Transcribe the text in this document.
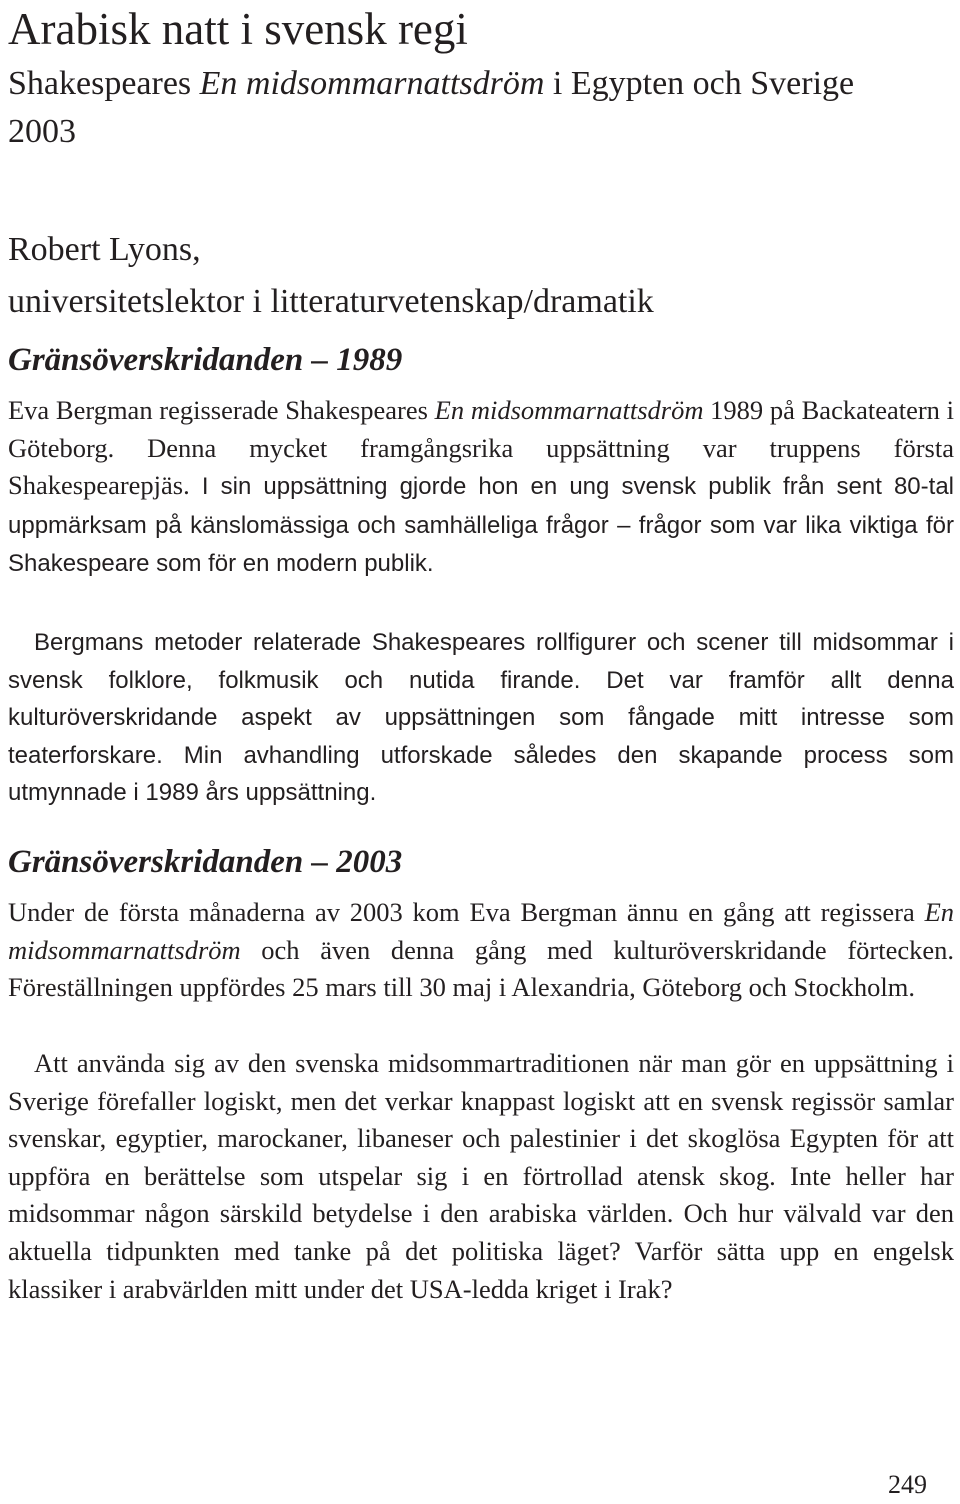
Arabisk natt i svensk regi

Shakespeares En midsommarnattsdröm i Egypten och Sverige 2003

Robert Lyons,
universitetslektor i litteraturvetenskap/dramatik

Gränsöverskridanden – 1989

Eva Bergman regisserade Shakespeares En midsommarnattsdröm 1989 på Backateatern i Göteborg. Denna mycket framgångsrika uppsättning var truppens första Shakespearepjäs. I sin uppsättning gjorde hon en ung svensk publik från sent 80-tal uppmärksam på känslomässiga och samhälleliga frågor – frågor som var lika viktiga för Shakespeare som för en modern publik.

Bergmans metoder relaterade Shakespeares rollfigurer och scener till midsommar i svensk folklore, folkmusik och nutida firande. Det var framför allt denna kulturöverskridande aspekt av uppsättningen som fångade mitt intresse som teaterforskare. Min avhandling utforskade således den skapande process som utmynnade i 1989 års uppsättning.

Gränsöverskridanden – 2003

Under de första månaderna av 2003 kom Eva Bergman ännu en gång att regissera En midsommarnattsdröm och även denna gång med kulturöverskridande förtecken. Föreställningen uppfördes 25 mars till 30 maj i Alexandria, Göteborg och Stockholm.

Att använda sig av den svenska midsommartraditionen när man gör en uppsättning i Sverige förefaller logiskt, men det verkar knappast logiskt att en svensk regissör samlar svenskar, egyptier, marockaner, libaneser och palestinier i det skoglösa Egypten för att uppföra en berättelse som utspelar sig i en förtrollad atensk skog. Inte heller har midsommar någon särskild betydelse i den arabiska världen. Och hur välvald var den aktuella tidpunkten med tanke på det politiska läget? Varför sätta upp en engelsk klassiker i arabvärlden mitt under det USA-ledda kriget i Irak?

249
